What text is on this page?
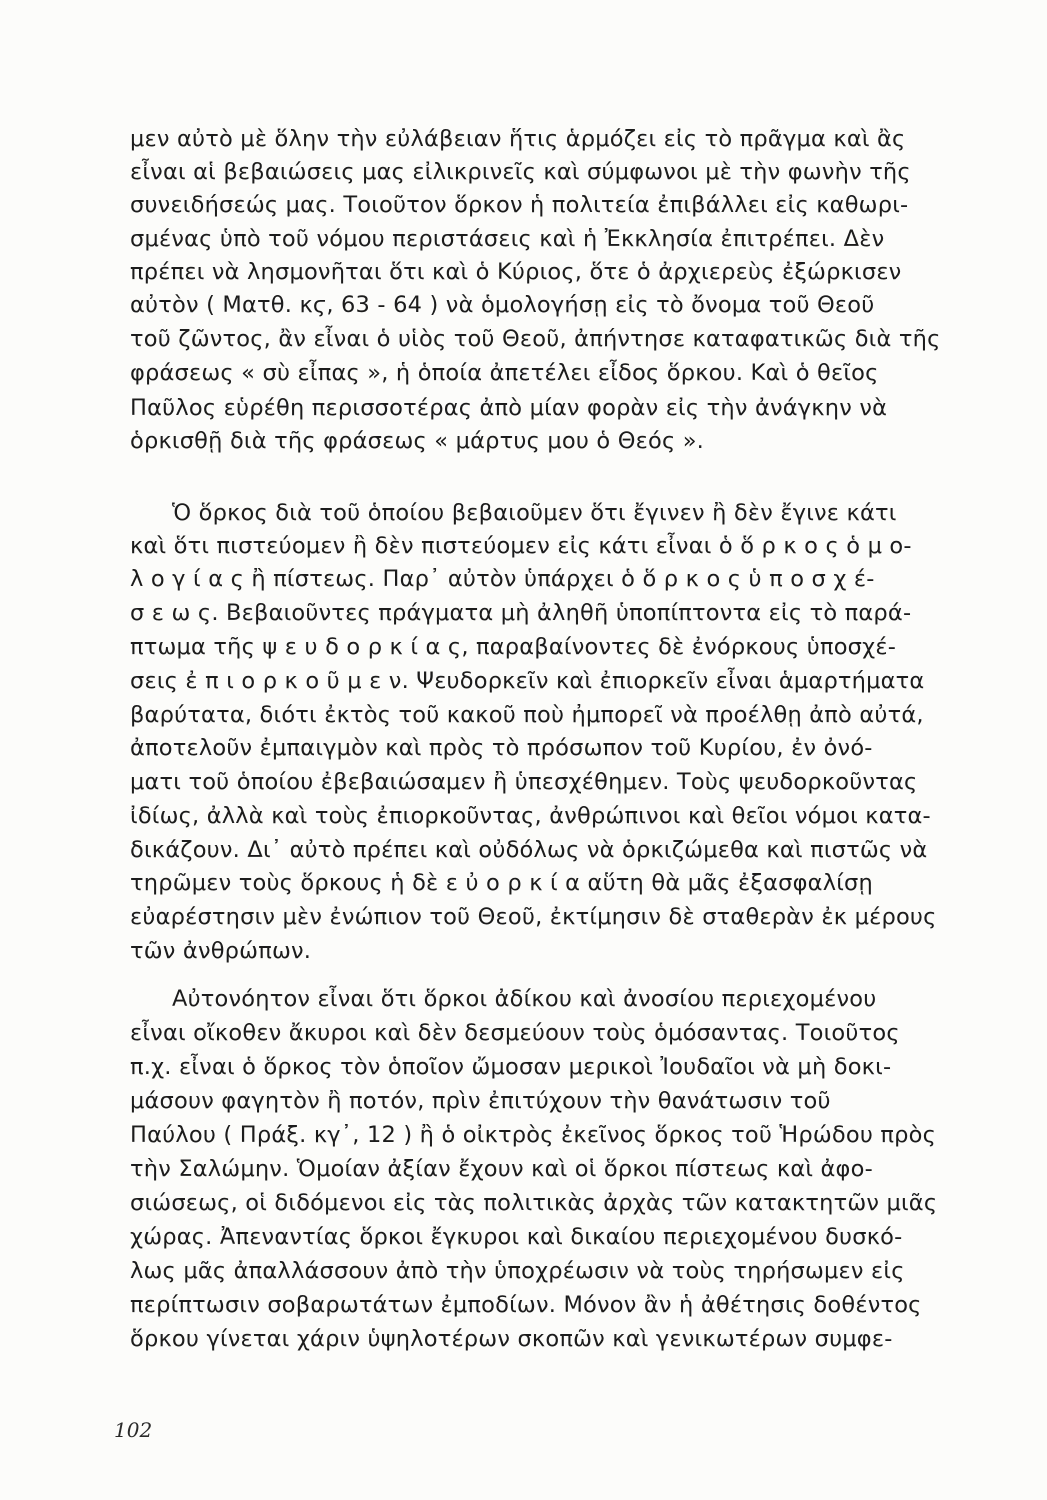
μεν αὐτὸ μὲ ὅλην τὴν εὐλάβειαν ἥτις ἁρμόζει εἰς τὸ πρᾶγμα καὶ ἂς
εἶναι αἱ βεβαιώσεις μας εἰλικρινεῖς καὶ σύμφωνοι μὲ τὴν φωνὴν τῆς
συνειδήσεώς μας. Τοιοῦτον ὅρκον ἡ πολιτεία ἐπιβάλλει εἰς καθωρι-
σμένας ὑπὸ τοῦ νόμου περιστάσεις καὶ ἡ Ἐκκλησία ἐπιτρέπει. Δὲν
πρέπει νὰ λησμονῆται ὅτι καὶ ὁ Κύριος, ὅτε ὁ ἀρχιερεὺς ἐξώρκισεν
αὐτὸν ( Ματθ. κϛ, 63 - 64 ) νὰ ὁμολογήσῃ εἰς τὸ ὄνομα τοῦ Θεοῦ
τοῦ ζῶντος, ἂν εἶναι ὁ υἱὸς τοῦ Θεοῦ, ἀπήντησε καταφατικῶς διὰ τῆς
φράσεως « σὺ εἶπας », ἡ ὁποία ἀπετέλει εἶδος ὅρκου. Καὶ ὁ θεῖος
Παῦλος εὑρέθη περισσοτέρας ἀπὸ μίαν φορὰν εἰς τὴν ἀνάγκην νὰ
ὁρκισθῇ διὰ τῆς φράσεως « μάρτυς μου ὁ Θεός ».
Ὁ ὅρκος διὰ τοῦ ὁποίου βεβαιοῦμεν ὅτι ἔγινεν ἢ δὲν ἔγινε κάτι
καὶ ὅτι πιστεύομεν ἢ δὲν πιστεύομεν εἰς κάτι εἶναι ὁ ὅ ρ κ ο ς ὁ μ ο-
λ ο γ ί α ς ἢ πίστεως. Παρ᾽ αὐτὸν ὑπάρχει ὁ ὅ ρ κ ο ς ὑ π ο σ χ έ-
σ ε ω ς. Βεβαιοῦντες πράγματα μὴ ἀληθῆ ὑποπίπτοντα εἰς τὸ παρά-
πτωμα τῆς ψ ε υ δ ο ρ κ ί α ς, παραβαίνοντες δὲ ἐνόρκους ὑποσχέ-
σεις ἐ π ι ο ρ κ ο ῦ μ ε ν. Ψευδορκεῖν καὶ ἐπιορκεῖν εἶναι ἁμαρτήματα
βαρύτατα, διότι ἐκτὸς τοῦ κακοῦ ποὺ ἠμπορεῖ νὰ προέλθῃ ἀπὸ αὐτά,
ἀποτελοῦν ἐμπαιγμὸν καὶ πρὸς τὸ πρόσωπον τοῦ Κυρίου, ἐν ὀνό-
ματι τοῦ ὁποίου ἐβεβαιώσαμεν ἢ ὑπεσχέθημεν. Τοὺς ψευδορκοῦντας
ἰδίως, ἀλλὰ καὶ τοὺς ἐπιορκοῦντας, ἀνθρώπινοι καὶ θεῖοι νόμοι κατα-
δικάζουν. Δι᾽ αὐτὸ πρέπει καὶ οὐδόλως νὰ ὁρκιζώμεθα καὶ πιστῶς νὰ
τηρῶμεν τοὺς ὅρκους ἡ δὲ ε ὐ ο ρ κ ί α αὕτη θὰ μᾶς ἐξασφαλίσῃ
εὐαρέστησιν μὲν ἐνώπιον τοῦ Θεοῦ, ἐκτίμησιν δὲ σταθερὰν ἐκ μέρους
τῶν ἀνθρώπων.
Αὐτονόητον εἶναι ὅτι ὅρκοι ἀδίκου καὶ ἀνοσίου περιεχομένου
εἶναι οἴκοθεν ἄκυροι καὶ δὲν δεσμεύουν τοὺς ὁμόσαντας. Τοιοῦτος
π.χ. εἶναι ὁ ὅρκος τὸν ὁποῖον ὤμοσαν μερικοὶ Ἰουδαῖοι νὰ μὴ δοκι-
μάσουν φαγητὸν ἢ ποτόν, πρὶν ἐπιτύχουν τὴν θανάτωσιν τοῦ
Παύλου ( Πράξ. κγ᾽, 12 ) ἢ ὁ οἰκτρὸς ἐκεῖνος ὅρκος τοῦ Ἡρώδου πρὸς
τὴν Σαλώμην. Ὁμοίαν ἀξίαν ἔχουν καὶ οἱ ὅρκοι πίστεως καὶ ἀφο-
σιώσεως, οἱ διδόμενοι εἰς τὰς πολιτικὰς ἀρχὰς τῶν κατακτητῶν μιᾶς
χώρας. Ἀπεναντίας ὅρκοι ἔγκυροι καὶ δικαίου περιεχομένου δυσκό-
λως μᾶς ἀπαλλάσσουν ἀπὸ τὴν ὑποχρέωσιν νὰ τοὺς τηρήσωμεν εἰς
περίπτωσιν σοβαρωτάτων ἐμποδίων. Μόνον ἂν ἡ ἀθέτησις δοθέντος
ὅρκου γίνεται χάριν ὑψηλοτέρων σκοπῶν καὶ γενικωτέρων συμφε-
102
